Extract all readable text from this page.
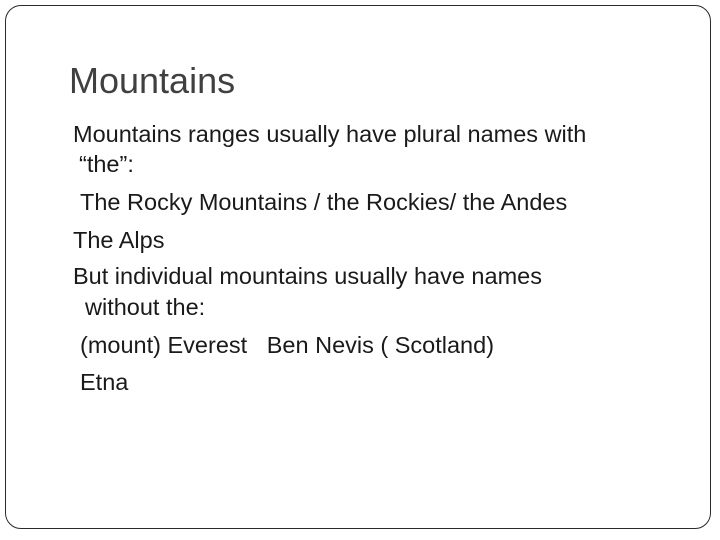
Mountains
Mountains ranges usually have plural names with
“the”:
The Rocky Mountains / the Rockies/ the Andes
The Alps
But individual mountains usually have names
without the:
(mount) Everest   Ben Nevis ( Scotland)
Etna
